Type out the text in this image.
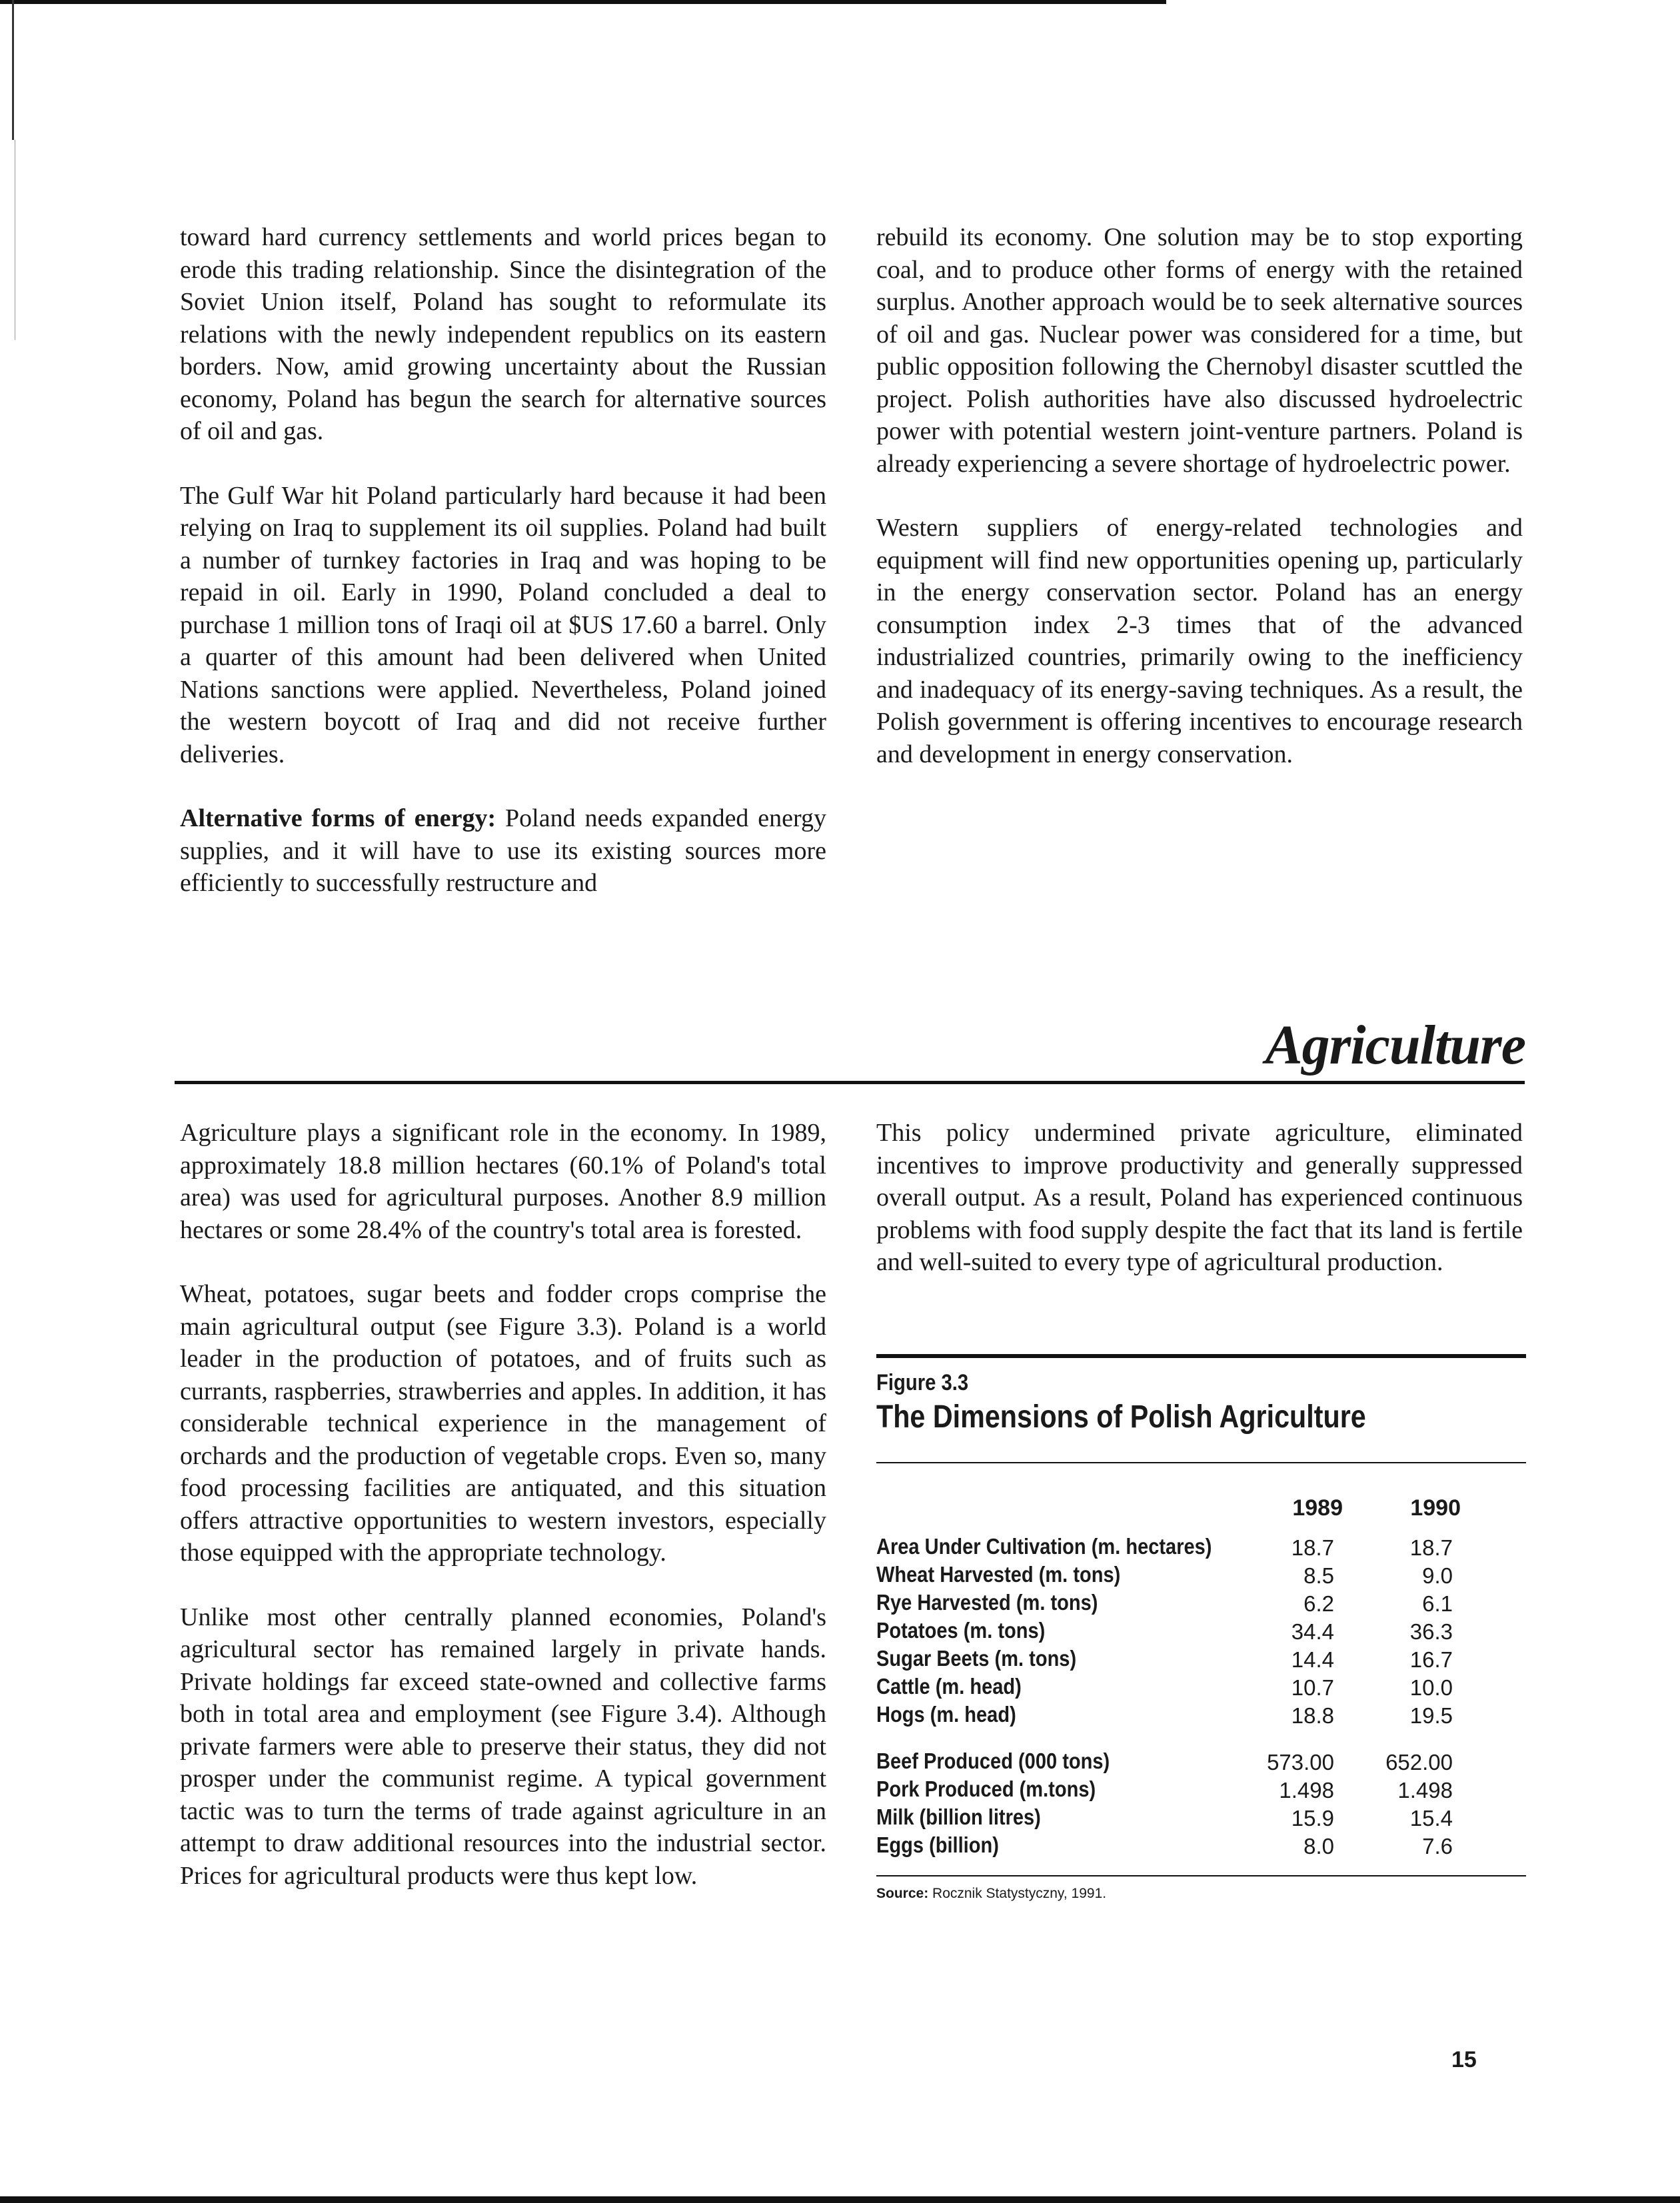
toward hard currency settlements and world prices began to erode this trading relationship. Since the disintegration of the Soviet Union itself, Poland has sought to reformulate its relations with the newly independent republics on its eastern borders. Now, amid growing uncertainty about the Russian economy, Poland has begun the search for alternative sources of oil and gas.

The Gulf War hit Poland particularly hard because it had been relying on Iraq to supplement its oil supplies. Poland had built a number of turnkey factories in Iraq and was hoping to be repaid in oil. Early in 1990, Poland concluded a deal to purchase 1 million tons of Iraqi oil at $US 17.60 a barrel. Only a quarter of this amount had been delivered when United Nations sanctions were applied. Nevertheless, Poland joined the western boycott of Iraq and did not receive further deliveries.

Alternative forms of energy: Poland needs expanded energy supplies, and it will have to use its existing sources more efficiently to successfully restructure and

rebuild its economy. One solution may be to stop exporting coal, and to produce other forms of energy with the retained surplus. Another approach would be to seek alternative sources of oil and gas. Nuclear power was considered for a time, but public opposition following the Chernobyl disaster scuttled the project. Polish authorities have also discussed hydroelectric power with potential western joint-venture partners. Poland is already experiencing a severe shortage of hydroelectric power.

Western suppliers of energy-related technologies and equipment will find new opportunities opening up, particularly in the energy conservation sector. Poland has an energy consumption index 2-3 times that of the advanced industrialized countries, primarily owing to the inefficiency and inadequacy of its energy-saving techniques. As a result, the Polish government is offering incentives to encourage research and development in energy conservation.

Agriculture

Agriculture plays a significant role in the economy. In 1989, approximately 18.8 million hectares (60.1% of Poland's total area) was used for agricultural purposes. Another 8.9 million hectares or some 28.4% of the country's total area is forested.

Wheat, potatoes, sugar beets and fodder crops comprise the main agricultural output (see Figure 3.3). Poland is a world leader in the production of potatoes, and of fruits such as currants, raspberries, strawberries and apples. In addition, it has considerable technical experience in the management of orchards and the production of vegetable crops. Even so, many food processing facilities are antiquated, and this situation offers attractive opportunities to western investors, especially those equipped with the appropriate technology.

Unlike most other centrally planned economies, Poland's agricultural sector has remained largely in private hands. Private holdings far exceed state-owned and collective farms both in total area and employment (see Figure 3.4). Although private farmers were able to preserve their status, they did not prosper under the communist regime. A typical government tactic was to turn the terms of trade against agriculture in an attempt to draw additional resources into the industrial sector. Prices for agricultural products were thus kept low.

This policy undermined private agriculture, eliminated incentives to improve productivity and generally suppressed overall output. As a result, Poland has experienced continuous problems with food supply despite the fact that its land is fertile and well-suited to every type of agricultural production.

Figure 3.3
The Dimensions of Polish Agriculture
1989	1990
Area Under Cultivation (m. hectares)	18.7	18.7

Wheat Harvested (m. tons)	8.5	9.0

Rye Harvested (m. tons)	6.2	6.1

Potatoes (m. tons)	34.4	36.3

Sugar Beets (m. tons)	14.4	16.7

Cattle (m. head)	10.7	10.0

Hogs (m. head)	18.8	19.5

Beef Produced (000 tons)	573.00	652.00

Pork Produced (m.tons)	1.498	1.498

Milk (billion litres)	15.9	15.4

Eggs (billion)	8.0	7.6
Source: Rocznik Statystyczny, 1991.
15
